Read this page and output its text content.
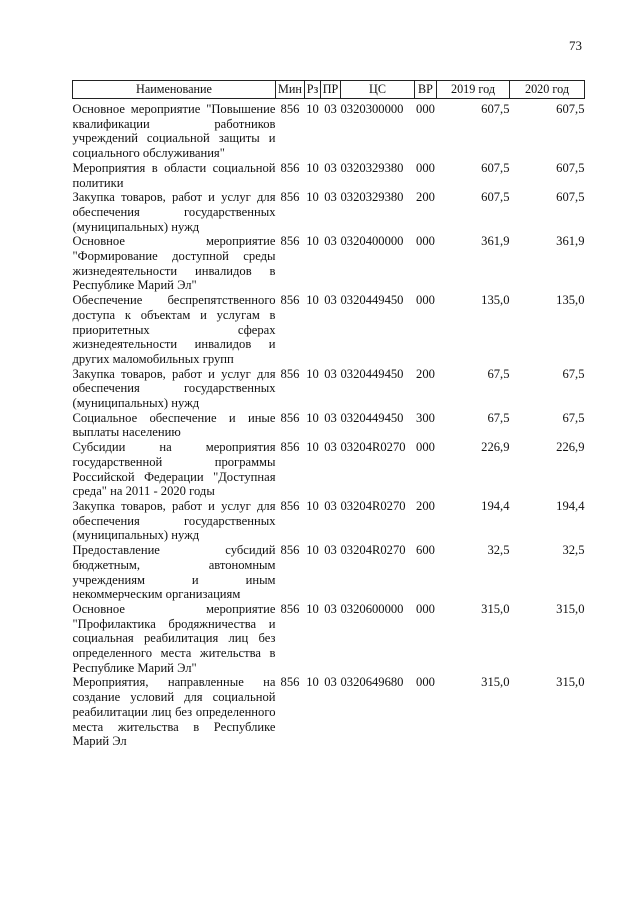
73
Наименование	Мин	Рз	ПР	ЦС	ВР	2019 год	2020 год
Основное мероприятие "Повышение квалификации работников учреждений социальной защиты и социального обслуживания"	856	10	03	0320300000	000	607,5	607,5
Мероприятия в области социальной политики	856	10	03	0320329380	000	607,5	607,5
Закупка товаров, работ и услуг для обеспечения государственных (муниципальных) нужд	856	10	03	0320329380	200	607,5	607,5
Основное мероприятие "Формирование доступной среды жизнедеятельности инвалидов в Республике Марий Эл"	856	10	03	0320400000	000	361,9	361,9
Обеспечение беспрепятственного доступа к объектам и услугам в приоритетных сферах жизнедеятельности инвалидов и других маломобильных групп	856	10	03	0320449450	000	135,0	135,0
Закупка товаров, работ и услуг для обеспечения государственных (муниципальных) нужд	856	10	03	0320449450	200	67,5	67,5
Социальное обеспечение и иные выплаты населению	856	10	03	0320449450	300	67,5	67,5
Субсидии на мероприятия государственной программы Российской Федерации "Доступная среда" на 2011 - 2020 годы	856	10	03	03204R0270	000	226,9	226,9
Закупка товаров, работ и услуг для обеспечения государственных (муниципальных) нужд	856	10	03	03204R0270	200	194,4	194,4
Предоставление субсидий бюджетным, автономным учреждениям и иным некоммерческим организациям	856	10	03	03204R0270	600	32,5	32,5
Основное мероприятие "Профилактика бродяжничества и социальная реабилитация лиц без определенного места жительства в Республике Марий Эл"	856	10	03	0320600000	000	315,0	315,0
Мероприятия, направленные на создание условий для социальной реабилитации лиц без определенного места жительства в Республике Марий Эл	856	10	03	0320649680	000	315,0	315,0
